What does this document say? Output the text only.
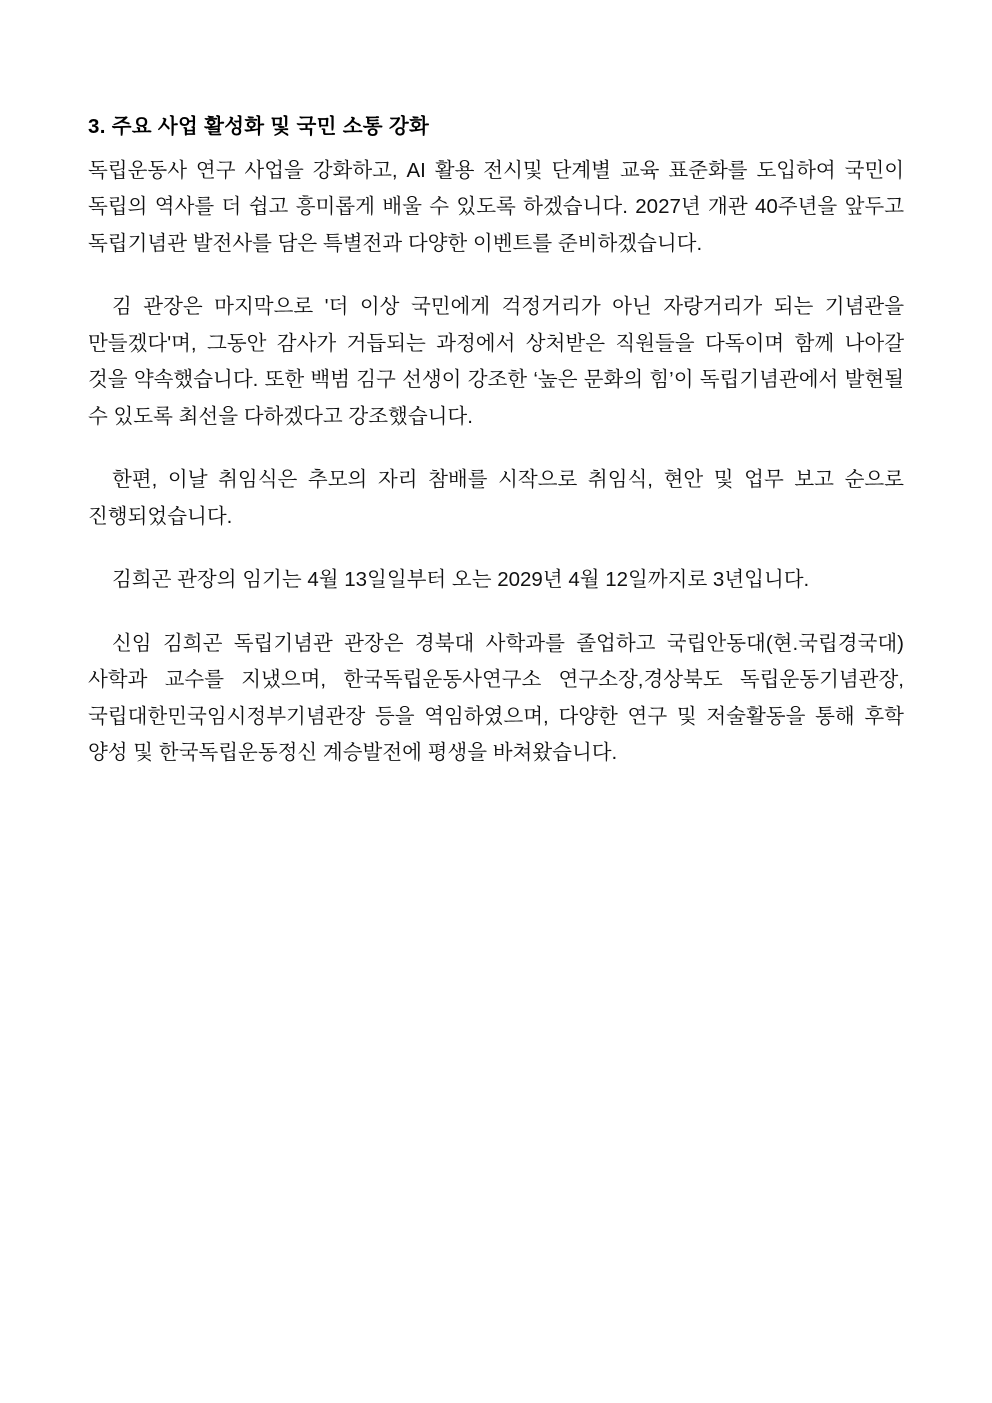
3. 주요 사업 활성화 및 국민 소통 강화

독립운동사 연구 사업을 강화하고, AI 활용 전시및 단계별 교육 표준화를 도입하여 국민이 독립의 역사를 더 쉽고 흥미롭게 배울 수 있도록 하겠습니다. 2027년 개관 40주년을 앞두고 독립기념관 발전사를 담은 특별전과 다양한 이벤트를 준비하겠습니다.

김 관장은 마지막으로 '더 이상 국민에게 걱정거리가 아닌 자랑거리가 되는 기념관을 만들겠다'며, 그동안 감사가 거듭되는 과정에서 상처받은 직원들을 다독이며 함께 나아갈 것을 약속했습니다. 또한 백범 김구 선생이 강조한 ‘높은 문화의 힘’이 독립기념관에서 발현될 수 있도록 최선을 다하겠다고 강조했습니다.

한편, 이날 취임식은 추모의 자리 참배를 시작으로 취임식, 현안 및 업무 보고 순으로 진행되었습니다.

김희곤 관장의 임기는 4월 13일일부터 오는 2029년 4월 12일까지로 3년입니다.

신임 김희곤 독립기념관 관장은 경북대 사학과를 졸업하고 국립안동대(현.국립경국대) 사학과 교수를 지냈으며, 한국독립운동사연구소 연구소장,경상북도 독립운동기념관장, 국립대한민국임시정부기념관장 등을 역임하였으며, 다양한 연구 및 저술활동을 통해 후학 양성 및 한국독립운동정신 계승발전에 평생을 바쳐왔습니다.
